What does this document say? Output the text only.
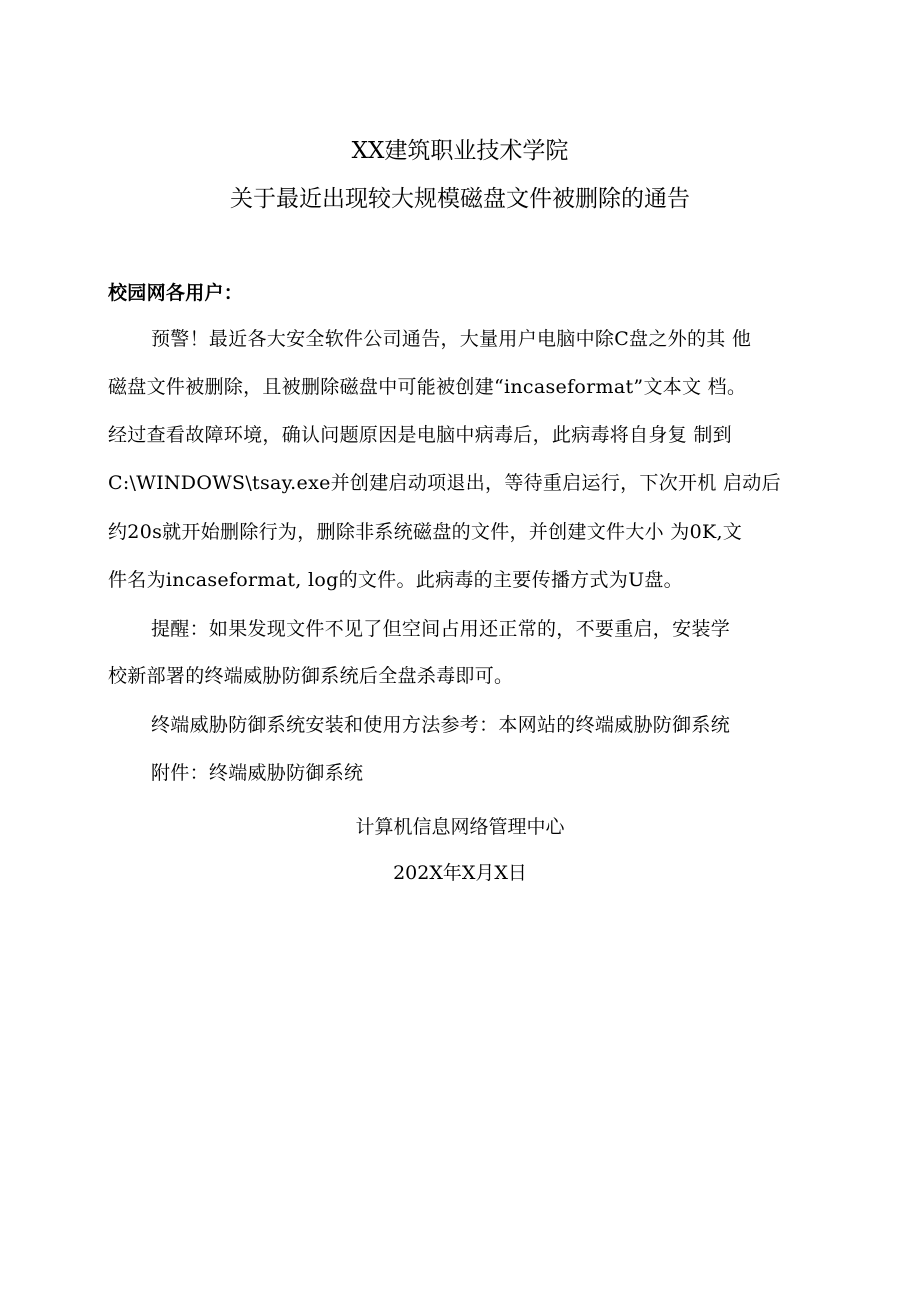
XX建筑职业技术学院
关于最近出现较大规模磁盘文件被删除的通告
校园网各用户：
预警！最近各大安全软件公司通告，大量用户电脑中除C盘之外的其 他
磁盘文件被删除，且被删除磁盘中可能被创建“incaseformat”文本文 档。
经过查看故障环境，确认问题原因是电脑中病毒后，此病毒将自身复 制到
C:\WINDOWS\tsay.exe并创建启动项退出，等待重启运行，下次开机 启动后
约20s就开始删除行为，删除非系统磁盘的文件，并创建文件大小 为0K,文
件名为incaseformat, log的文件。此病毒的主要传播方式为U盘。
提醒：如果发现文件不见了但空间占用还正常的，不要重启，安装学
校新部署的终端威胁防御系统后全盘杀毒即可。
终端威胁防御系统安装和使用方法参考：本网站的终端威胁防御系统
附件：终端威胁防御系统
计算机信息网络管理中心
202X年X月X日
